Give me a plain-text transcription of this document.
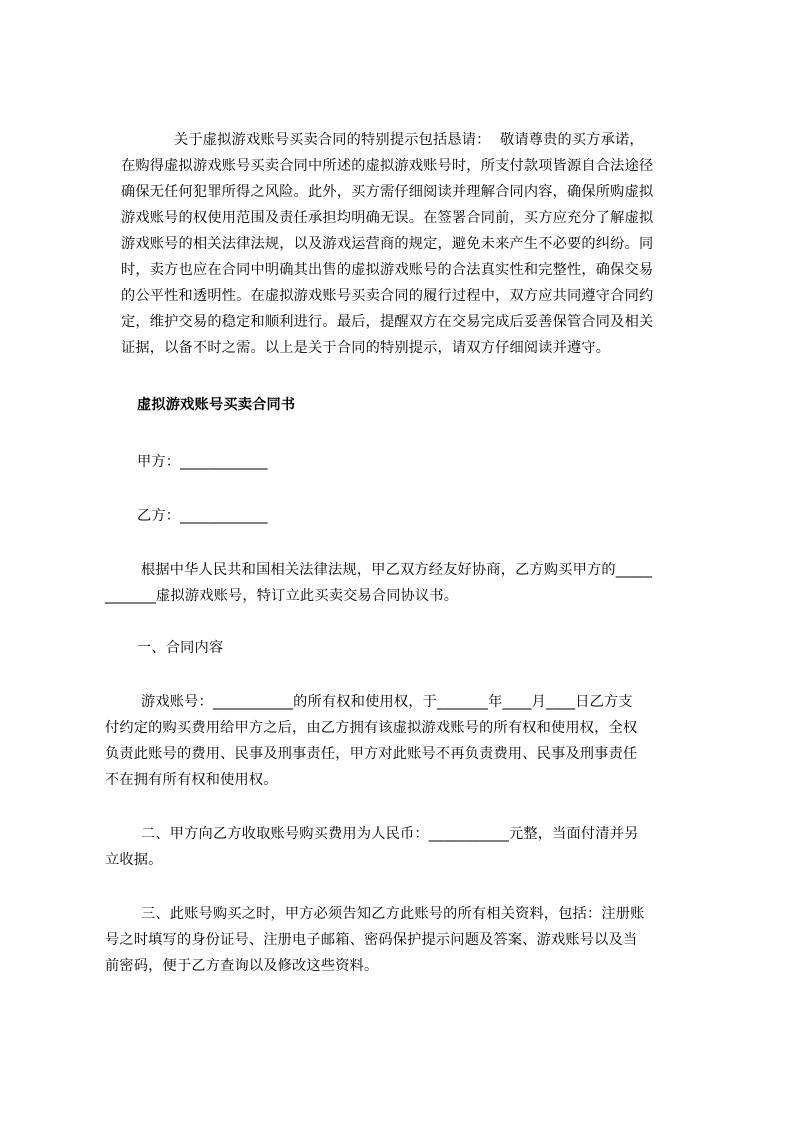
关于虚拟游戏账号买卖合同的特别提示包括恳请：  敬请尊贵的买方承诺，
在购得虚拟游戏账号买卖合同中所述的虚拟游戏账号时，所支付款项皆源自合法途径
确保无任何犯罪所得之风险。此外，买方需仔细阅读并理解合同内容，确保所购虚拟
游戏账号的权使用范围及责任承担均明确无误。在签署合同前，买方应充分了解虚拟
游戏账号的相关法律法规，以及游戏运营商的规定，避免未来产生不必要的纠纷。同
时，卖方也应在合同中明确其出售的虚拟游戏账号的合法真实性和完整性，确保交易
的公平性和透明性。在虚拟游戏账号买卖合同的履行过程中，双方应共同遵守合同约
定，维护交易的稳定和顺利进行。最后，提醒双方在交易完成后妥善保管合同及相关
证据，以备不时之需。以上是关于合同的特别提示，请双方仔细阅读并遵守。
虚拟游戏账号买卖合同书
甲方：____________
乙方：____________
根据中华人民共和国相关法律法规，甲乙双方经友好协商，乙方购买甲方的_____
_______虚拟游戏账号，特订立此买卖交易合同协议书。
一、合同内容
游戏账号：___________的所有权和使用权，于_______年____月____日乙方支
付约定的购买费用给甲方之后，由乙方拥有该虚拟游戏账号的所有权和使用权，全权
负责此账号的费用、民事及刑事责任，甲方对此账号不再负责费用、民事及刑事责任
不在拥有所有权和使用权。
二、甲方向乙方收取账号购买费用为人民币：___________元整，当面付清并另
立收据。
三、此账号购买之时，甲方必须告知乙方此账号的所有相关资料，包括：注册账
号之时填写的身份证号、注册电子邮箱、密码保护提示问题及答案、游戏账号以及当
前密码，便于乙方查询以及修改这些资料。
